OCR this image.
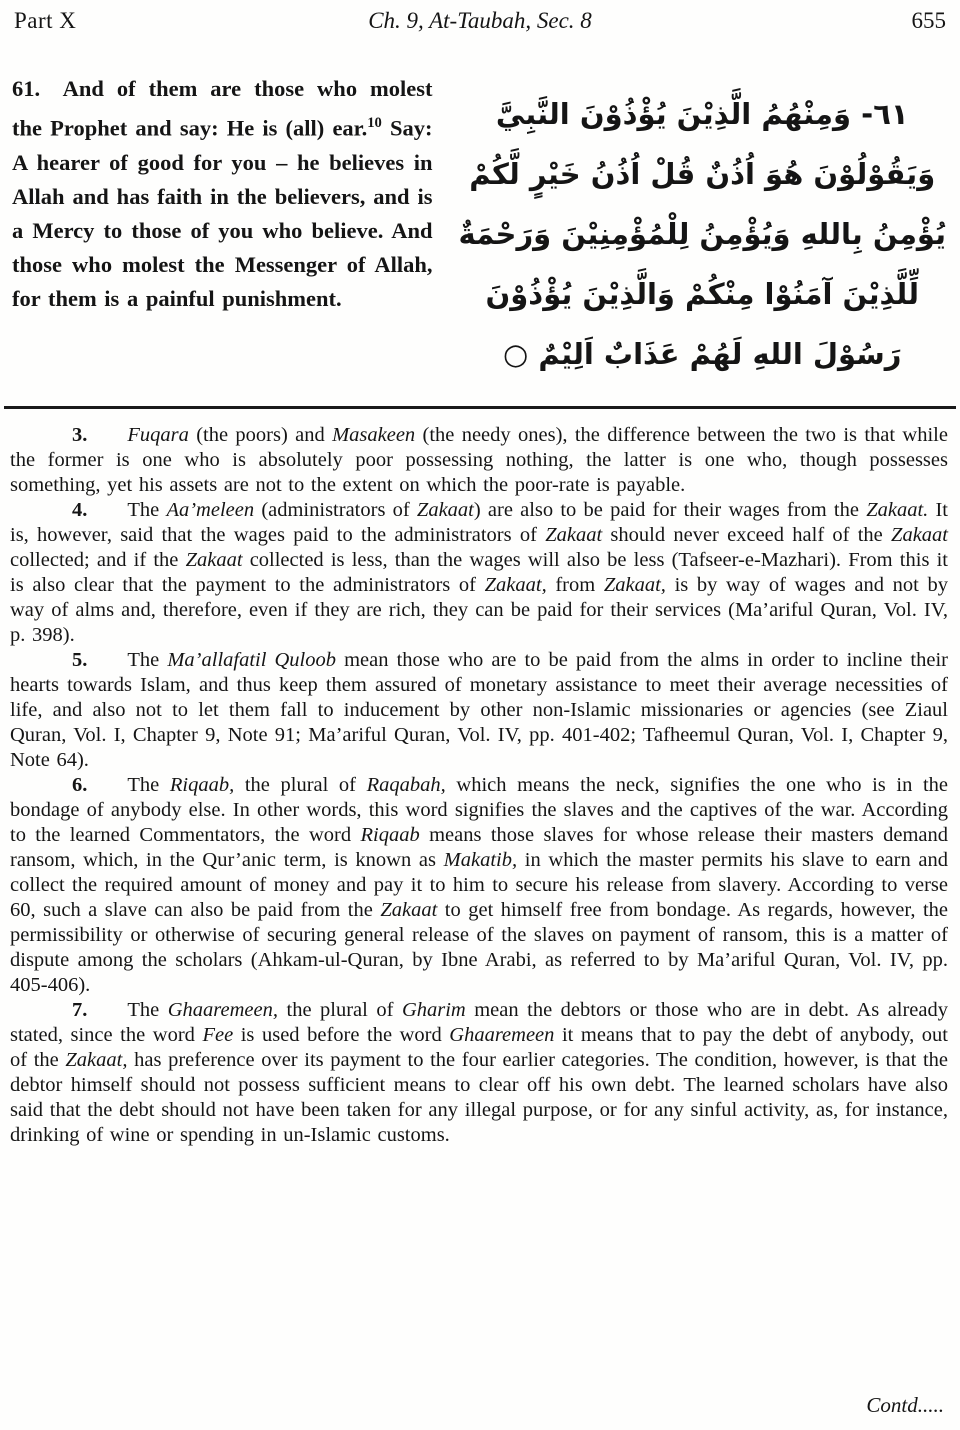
Part X	Ch. 9, At-Taubah, Sec. 8	655
61. And of them are those who molest the Prophet and say: He is (all) ear.$^{10}$ Say: A hearer of good for you – he believes in Allah and has faith in the believers, and is a Mercy to those of you who believe. And those who molest the Messenger of Allah, for them is a painful punishment.
٦١- وَمِنْهُمُ الَّذِيْنَ يُؤْذُوْنَ النَّبِيَّ
وَيَقُوْلُوْنَ هُوَ اُذُنٌ قُلْ اُذُنُ خَيْرٍ لَّكُمْ
يُؤْمِنُ بِاللهِ وَيُؤْمِنُ لِلْمُؤْمِنِيْنَ وَرَحْمَةٌ
لِّلَّذِيْنَ آمَنُوْا مِنْكُمْ وَالَّذِيْنَ يُؤْذُوْنَ
رَسُوْلَ اللهِ لَهُمْ عَذَابٌ اَلِيْمٌ ○

3. Fuqara (the poors) and Masakeen (the needy ones), the difference between the two is that while the former is one who is absolutely poor possessing nothing, the latter is one who, though possesses something, yet his assets are not to the extent on which the poor-rate is payable.

4. The Aa’meleen (administrators of Zakaat) are also to be paid for their wages from the Zakaat. It is, however, said that the wages paid to the administrators of Zakaat should never exceed half of the Zakaat collected; and if the Zakaat collected is less, than the wages will also be less (Tafseer-e-Mazhari). From this it is also clear that the payment to the administrators of Zakaat, from Zakaat, is by way of wages and not by way of alms and, therefore, even if they are rich, they can be paid for their services (Ma’ariful Quran, Vol. IV, p. 398).

5. The Ma’allafatil Quloob mean those who are to be paid from the alms in order to incline their hearts towards Islam, and thus keep them assured of monetary assistance to meet their average necessities of life, and also not to let them fall to inducement by other non-Islamic missionaries or agencies (see Ziaul Quran, Vol. I, Chapter 9, Note 91; Ma’ariful Quran, Vol. IV, pp. 401-402; Tafheemul Quran, Vol. I, Chapter 9, Note 64).

6. The Riqaab, the plural of Raqabah, which means the neck, signifies the one who is in the bondage of anybody else. In other words, this word signifies the slaves and the captives of the war. According to the learned Commentators, the word Riqaab means those slaves for whose release their masters demand ransom, which, in the Qur’anic term, is known as Makatib, in which the master permits his slave to earn and collect the required amount of money and pay it to him to secure his release from slavery. According to verse 60, such a slave can also be paid from the Zakaat to get himself free from bondage. As regards, however, the permissibility or otherwise of securing general release of the slaves on payment of ransom, this is a matter of dispute among the scholars (Ahkam-ul-Quran, by Ibne Arabi, as referred to by Ma’ariful Quran, Vol. IV, pp. 405-406).

7. The Ghaaremeen, the plural of Gharim mean the debtors or those who are in debt. As already stated, since the word Fee is used before the word Ghaaremeen it means that to pay the debt of anybody, out of the Zakaat, has preference over its payment to the four earlier categories. The condition, however, is that the debtor himself should not possess sufficient means to clear off his own debt. The learned scholars have also said that the debt should not have been taken for any illegal purpose, or for any sinful activity, as, for instance, drinking of wine or spending in un-Islamic customs.

Contd.....
